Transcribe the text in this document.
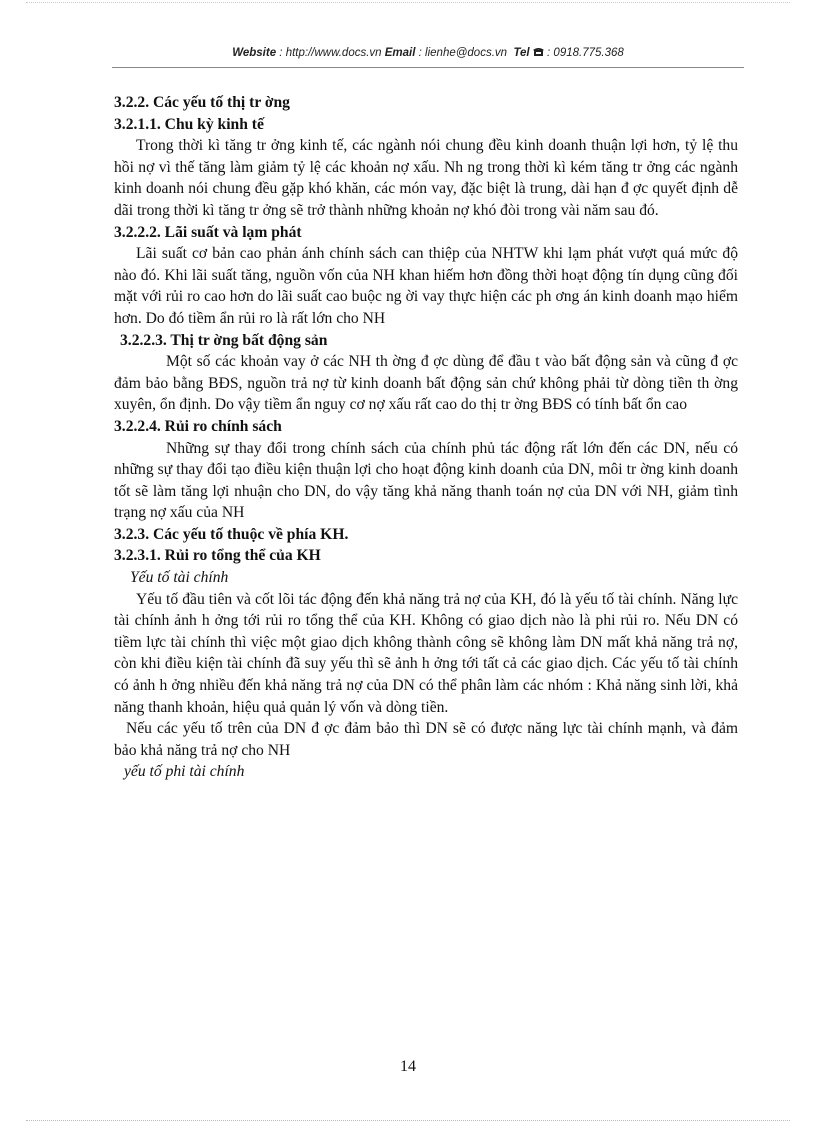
Website : http://www.docs.vn Email : lienhe@docs.vn  Tel  : 0918.775.368

3.2.2. Các yếu tố thị tr ờng

3.2.1.1. Chu kỳ kinh tế

Trong thời kì tăng tr ởng kinh tế, các ngành nói chung đều kinh doanh thuận lợi hơn, tỷ lệ thu hồi nợ vì thế tăng làm giảm tỷ lệ các khoản nợ xấu. Nh ng trong thời kì kém tăng tr ởng các ngành kinh doanh nói chung đều gặp khó khăn, các món vay, đặc biệt là trung, dài hạn đ ợc quyết định dễ dãi trong thời kì tăng tr ởng sẽ trở thành những khoản nợ khó đòi trong vài năm sau đó.

3.2.2.2. Lãi suất và lạm phát

Lãi suất cơ bản cao phản ánh chính sách can thiệp của NHTW khi lạm phát vượt quá mức độ nào đó. Khi lãi suất tăng, nguồn vốn của NH khan hiếm hơn đồng thời hoạt động tín dụng cũng đối mặt với rủi ro cao hơn do lãi suất cao buộc ng ời vay thực hiện các ph ơng án kinh doanh mạo hiểm hơn. Do đó tiềm ẩn rủi ro là rất lớn cho NH

3.2.2.3. Thị tr ờng bất động sản

Một số các khoản vay ở các NH th ờng đ ợc dùng để đầu t vào bất động sản và cũng đ ợc đảm bảo bằng BĐS, nguồn trả nợ từ kinh doanh bất động sản chứ không phải từ dòng tiền th ờng xuyên, ổn định. Do vậy tiềm ẩn nguy cơ nợ xấu rất cao do thị tr ờng BĐS có tính bất ổn cao

3.2.2.4. Rủi ro chính sách

Những sự thay đổi trong chính sách của chính phủ tác động rất lớn đến các DN, nếu có những sự thay đổi tạo điều kiện thuận lợi cho hoạt động kinh doanh của DN, môi tr ờng kinh doanh tốt sẽ làm tăng lợi nhuận cho DN, do vậy tăng khả năng thanh toán nợ của DN với NH, giảm tình trạng nợ xấu của NH

3.2.3. Các yếu tố thuộc về phía KH.

3.2.3.1. Rủi ro tổng thể của KH

Yếu tố tài chính

Yếu tố đầu tiên và cốt lõi tác động đến khả năng trả nợ của KH, đó là yếu tố tài chính. Năng lực tài chính ảnh h ởng tới rủi ro tổng thể của KH. Không có giao dịch nào là phi rủi ro. Nếu DN có tiềm lực tài chính thì việc một giao dịch không thành công sẽ không làm DN mất khả năng trả nợ, còn khi điều kiện tài chính đã suy yếu thì sẽ ảnh h ởng tới tất cả các giao dịch. Các yếu tố tài chính có ảnh h ởng nhiều đến khả năng trả nợ của DN có thể phân làm các nhóm : Khả năng sinh lời, khả năng thanh khoản, hiệu quả quản lý vốn và dòng tiền.

Nếu các yếu tố trên của DN đ ợc đảm bảo thì DN sẽ có được năng lực tài chính mạnh, và đảm bảo khả năng trả nợ cho NH

yếu tố phi tài chính

14
